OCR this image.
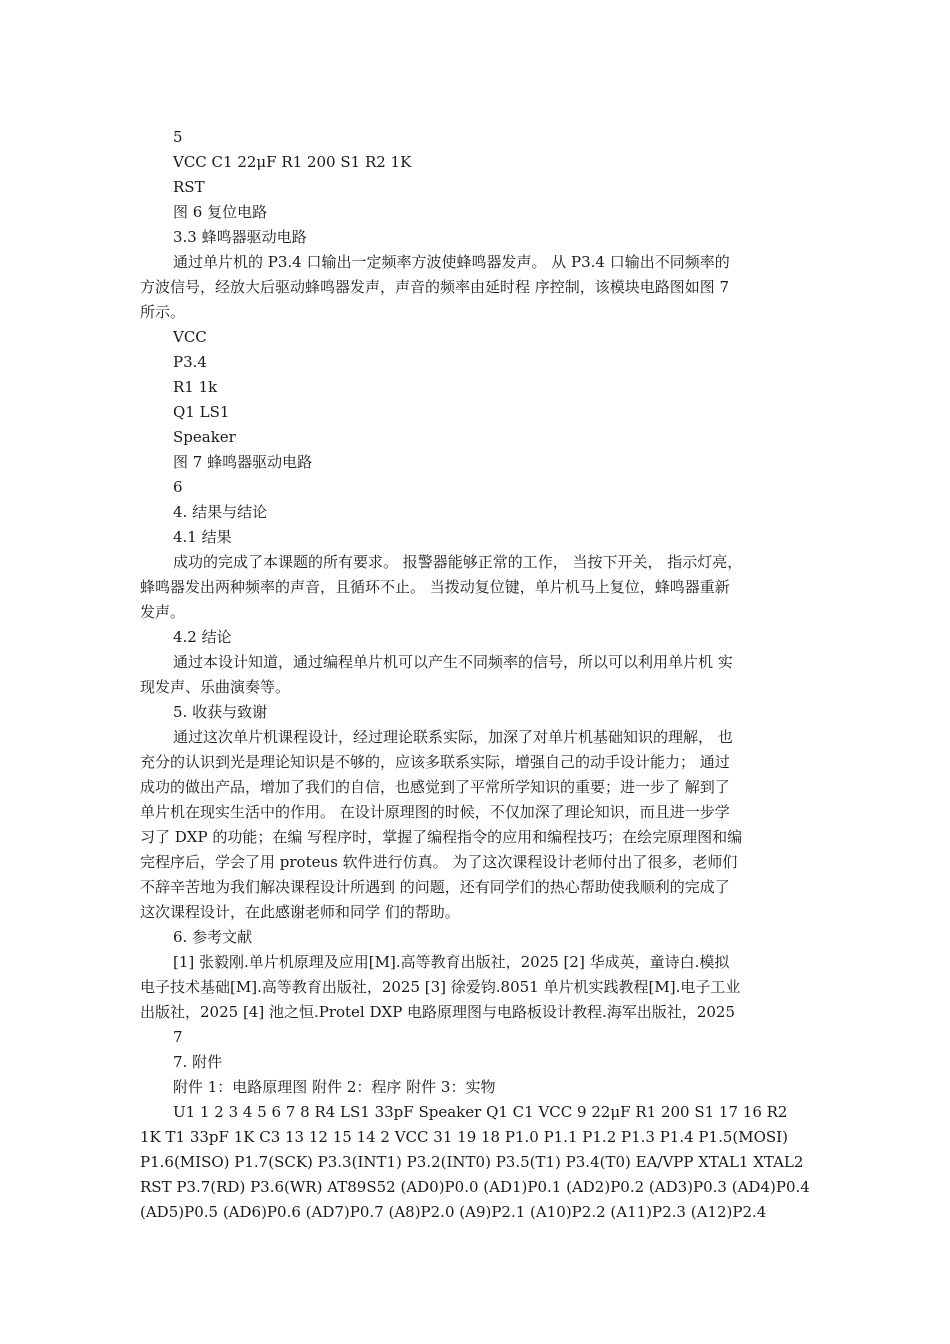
5
VCC C1 22μF R1 200 S1 R2 1K
RST
图 6 复位电路
3.3 蜂鸣器驱动电路
通过单片机的 P3.4 口输出一定频率方波使蜂鸣器发声。 从 P3.4 口输出不同频率的
方波信号，经放大后驱动蜂鸣器发声，声音的频率由延时程 序控制，该模块电路图如图 7
所示。
VCC
P3.4
R1 1k
Q1 LS1
Speaker
图 7 蜂鸣器驱动电路
6
4. 结果与结论
4.1 结果
成功的完成了本课题的所有要求。 报警器能够正常的工作， 当按下开关， 指示灯亮，
蜂鸣器发出两种频率的声音，且循环不止。 当拨动复位键，单片机马上复位，蜂鸣器重新
发声。
4.2 结论
通过本设计知道，通过编程单片机可以产生不同频率的信号，所以可以利用单片机 实
现发声、乐曲演奏等。
5. 收获与致谢
通过这次单片机课程设计，经过理论联系实际，加深了对单片机基础知识的理解， 也
充分的认识到光是理论知识是不够的，应该多联系实际，增强自己的动手设计能力； 通过
成功的做出产品，增加了我们的自信，也感觉到了平常所学知识的重要；进一步了 解到了
单片机在现实生活中的作用。 在设计原理图的时候，不仅加深了理论知识，而且进一步学
习了 DXP 的功能；在编 写程序时，掌握了编程指令的应用和编程技巧；在绘完原理图和编
完程序后，学会了用 proteus 软件进行仿真。 为了这次课程设计老师付出了很多，老师们
不辞辛苦地为我们解决课程设计所遇到 的问题，还有同学们的热心帮助使我顺利的完成了
这次课程设计，在此感谢老师和同学 们的帮助。
6. 参考文献
[1] 张毅刚.单片机原理及应用[M].高等教育出版社，2025 [2] 华成英，童诗白.模拟
电子技术基础[M].高等教育出版社，2025 [3] 徐爱钧.8051 单片机实践教程[M].电子工业
出版社，2025 [4] 池之恒.Protel DXP 电路原理图与电路板设计教程.海军出版社，2025
7
7. 附件
附件 1：电路原理图 附件 2：程序 附件 3：实物
U1 1 2 3 4 5 6 7 8 R4 LS1 33pF Speaker Q1 C1 VCC 9 22μF R1 200 S1 17 16 R2
1K T1 33pF 1K C3 13 12 15 14 2 VCC 31 19 18 P1.0 P1.1 P1.2 P1.3 P1.4 P1.5(MOSI)
P1.6(MISO) P1.7(SCK) P3.3(INT1) P3.2(INT0) P3.5(T1) P3.4(T0) EA/VPP XTAL1 XTAL2
RST P3.7(RD) P3.6(WR) AT89S52 (AD0)P0.0 (AD1)P0.1 (AD2)P0.2 (AD3)P0.3 (AD4)P0.4
(AD5)P0.5 (AD6)P0.6 (AD7)P0.7 (A8)P2.0 (A9)P2.1 (A10)P2.2 (A11)P2.3 (A12)P2.4
